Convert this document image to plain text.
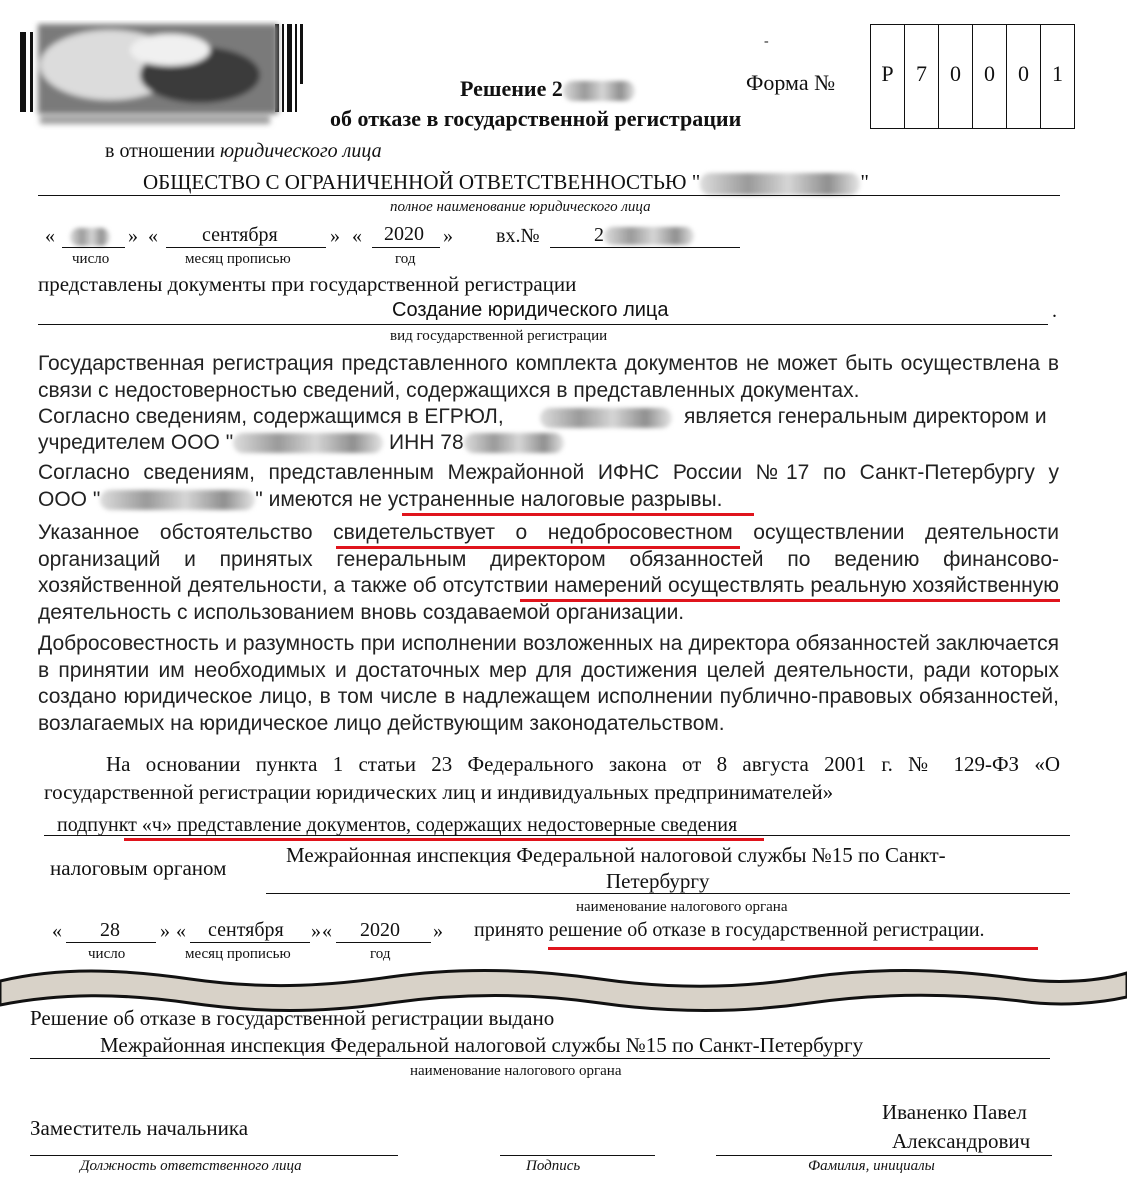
Решение 2
об отказе в государственной регистрации
Форма №
-
Р	7	0	0	0	1
в отношении юридического лица
ОБЩЕСТВО С ОГРАНИЧЕННОЙ ОТВЕТСТВЕННОСТЬЮ "	"
полное наименование юридического лица
«	» « сентября	» « 2020 » вх.№	2
число	месяц прописью	год
представлены документы при государственной регистрации
Создание юридического лица	.
вид государственной регистрации
Государственная регистрация представленного комплекта документов не может быть осуществлена в связи с недостоверностью сведений, содержащихся в представленных документах.
Согласно сведениям, содержащимся в ЕГРЮЛ,	является генеральным директором и
учредителем ООО "	ИНН 78
Согласно сведениям, представленным Межрайонной ИФНС России №17 по Санкт-Петербургу у
ООО "	" имеются не устраненные налоговые разрывы.
Указанное обстоятельство свидетельствует о недобросовестном осуществлении деятельности организаций и принятых генеральным директором обязанностей по ведению финансово-хозяйственной деятельности, а также об отсутствии намерений осуществлять реальную хозяйственную деятельность с использованием вновь создаваемой организации.
Добросовестность и разумность при исполнении возложенных на директора обязанностей заключается в принятии им необходимых и достаточных мер для достижения целей деятельности, ради которых создано юридическое лицо, в том числе в надлежащем исполнении публично-правовых обязанностей, возлагаемых на юридическое лицо действующим законодательством.
На основании пункта 1 статьи 23 Федерального закона от 8 августа 2001 г. № 129-ФЗ «О
государственной регистрации юридических лиц и индивидуальных предпринимателей»
подпункт «ч» представление документов, содержащих недостоверные сведения
налоговым органом
Межрайонная инспекция Федеральной налоговой службы №15 по Санкт-
Петербургу
наименование налогового органа
« 28 » « сентября » « 2020 » принято решение об отказе в государственной регистрации.
число	месяц прописью	год
Решение об отказе в государственной регистрации выдано
Межрайонная инспекция Федеральной налоговой службы №15 по Санкт-Петербургу
наименование налогового органа
Заместитель начальника
Иваненко Павел
Александрович
Должность ответственного лица	Подпись	Фамилия, инициалы
